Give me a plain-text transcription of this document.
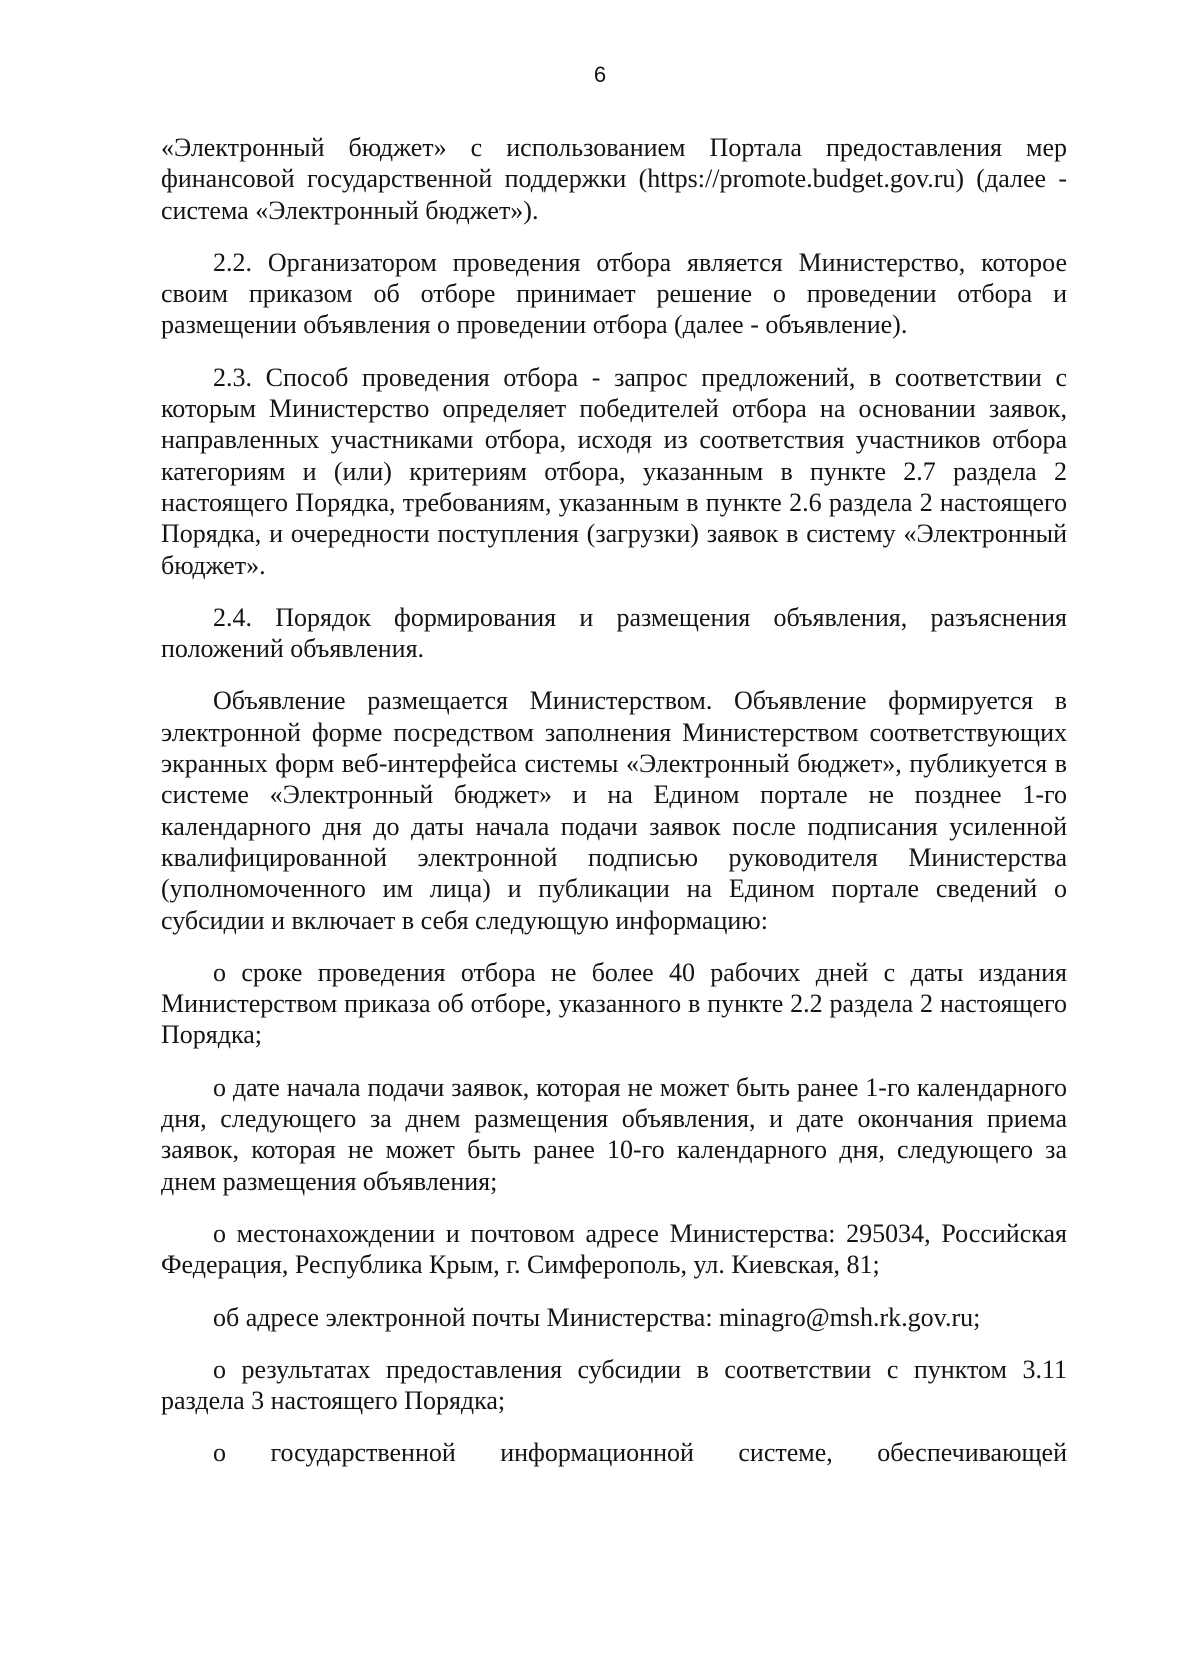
6

«Электронный бюджет» с использованием Портала предоставления мер финансовой государственной поддержки (https://promote.budget.gov.ru) (далее - система «Электронный бюджет»).

2.2. Организатором проведения отбора является Министерство, которое своим приказом об отборе принимает решение о проведении отбора и размещении объявления о проведении отбора (далее - объявление).

2.3. Способ проведения отбора - запрос предложений, в соответствии с которым Министерство определяет победителей отбора на основании заявок, направленных участниками отбора, исходя из соответствия участников отбора категориям и (или) критериям отбора, указанным в пункте 2.7 раздела 2 настоящего Порядка, требованиям, указанным в пункте 2.6 раздела 2 настоящего Порядка, и очередности поступления (загрузки) заявок в систему «Электронный бюджет».

2.4. Порядок формирования и размещения объявления, разъяснения положений объявления.

Объявление размещается Министерством. Объявление формируется в электронной форме посредством заполнения Министерством соответствующих экранных форм веб-интерфейса системы «Электронный бюджет», публикуется в системе «Электронный бюджет» и на Едином портале не позднее 1-го календарного дня до даты начала подачи заявок после подписания усиленной квалифицированной электронной подписью руководителя Министерства (уполномоченного им лица) и публикации на Едином портале сведений о субсидии и включает в себя следующую информацию:

о сроке проведения отбора не более 40 рабочих дней с даты издания Министерством приказа об отборе, указанного в пункте 2.2 раздела 2 настоящего Порядка;

о дате начала подачи заявок, которая не может быть ранее 1-го календарного дня, следующего за днем размещения объявления, и дате окончания приема заявок, которая не может быть ранее 10-го календарного дня, следующего за днем размещения объявления;

о местонахождении и почтовом адресе Министерства: 295034, Российская Федерация, Республика Крым, г. Симферополь, ул. Киевская, 81;

об адресе электронной почты Министерства: minagro@msh.rk.gov.ru;

о результатах предоставления субсидии в соответствии с пунктом 3.11 раздела 3 настоящего Порядка;

о государственной информационной системе, обеспечивающей
